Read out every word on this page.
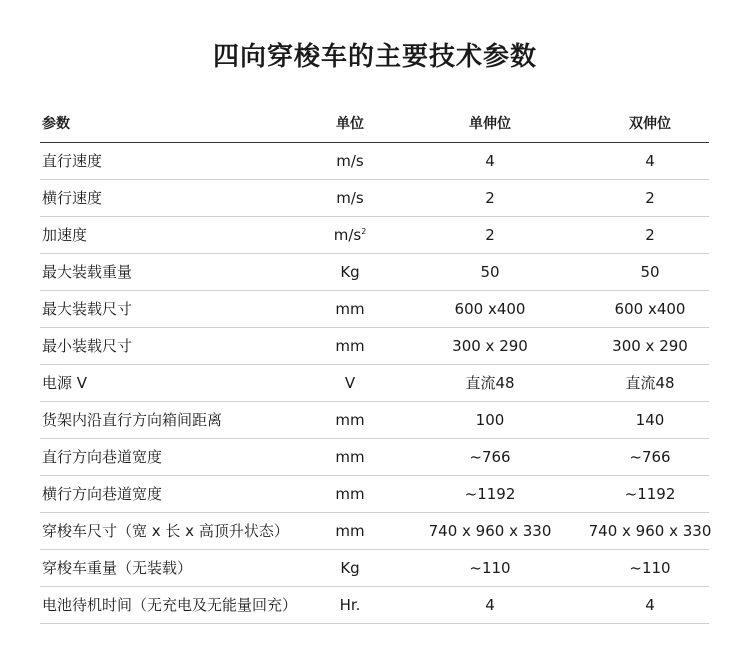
四向穿梭车的主要技术参数
参数	单位	单伸位	双伸位
直行速度	m/s	4	4
横行速度	m/s	2	2
加速度	$m/s^2$	2	2
最大装载重量	Kg	50	50
最大装载尺寸	mm	600 x400	600 x400
最小装载尺寸	mm	300 x 290	300 x 290
电源 V	V	直流48	直流48
货架内沿直行方向箱间距离	mm	100	140
直行方向巷道宽度	mm	~766	~766
横行方向巷道宽度	mm	~1192	~1192
穿梭车尺寸（宽 x 长 x 高顶升状态）	mm	740 x 960 x 330	740 x 960 x 330
穿梭车重量（无装载）	Kg	~110	~110
电池待机时间（无充电及无能量回充）	Hr.	4	4
